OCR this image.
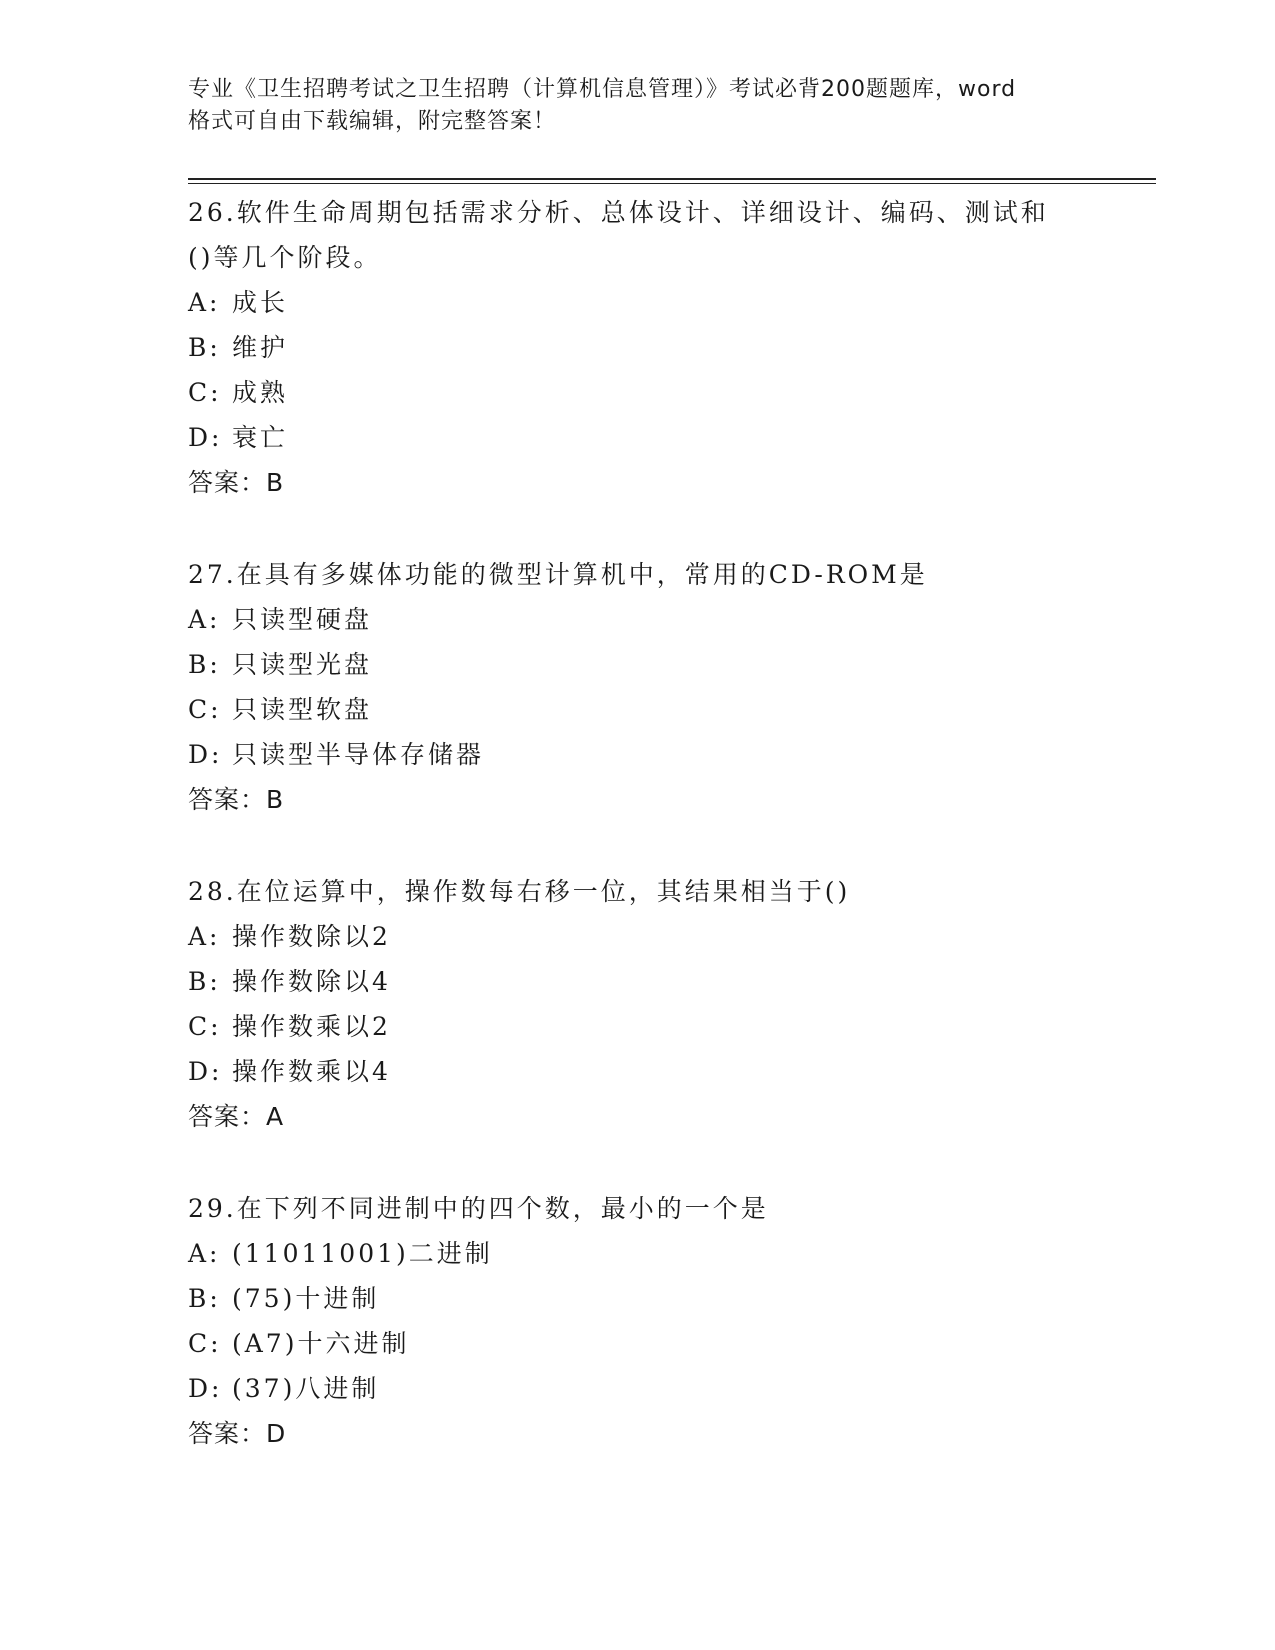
专业《卫生招聘考试之卫生招聘（计算机信息管理）》考试必背200题题库，word
格式可自由下载编辑，附完整答案！
26.软件生命周期包括需求分析、总体设计、详细设计、编码、测试和
()等几个阶段。
A: 成长
B: 维护
C: 成熟
D: 衰亡
答案：B
27.在具有多媒体功能的微型计算机中，常用的CD-ROM是
A: 只读型硬盘
B: 只读型光盘
C: 只读型软盘
D: 只读型半导体存储器
答案：B
28.在位运算中，操作数每右移一位，其结果相当于()
A: 操作数除以2
B: 操作数除以4
C: 操作数乘以2
D: 操作数乘以4
答案：A
29.在下列不同进制中的四个数，最小的一个是
A: (11011001)二进制
B: (75)十进制
C: (A7)十六进制
D: (37)八进制
答案：D
